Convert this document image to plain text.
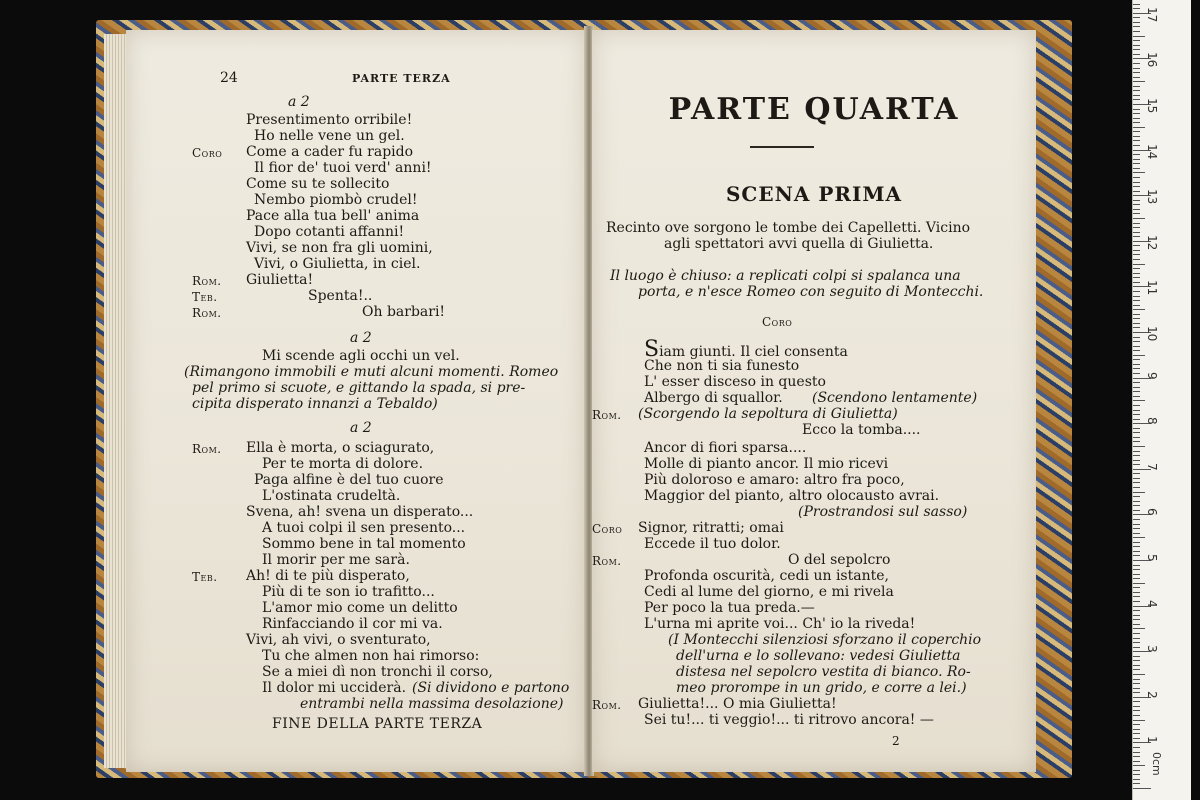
24	PARTE TERZA
a 2
Presentimento orribile!
Ho nelle vene un gel.
Coro Come a cader fu rapido
Il fior de' tuoi verd' anni!
Come su te sollecito
Nembo piombò crudel!
Pace alla tua bell' anima
Dopo cotanti affanni!
Vivi, se non fra gli uomini,
Vivi, o Giulietta, in ciel.
Rom. Giulietta!
Teb.	Spenta!..
Rom.	Oh barbari!
a 2
Mi scende agli occhi un vel.
(Rimangono immobili e muti alcuni momenti. Romeo
pel primo si scuote, e gittando la spada, si pre-
cipita disperato innanzi a Tebaldo)
a 2
Rom. Ella è morta, o sciagurato,
Per te morta di dolore.
Paga alfine è del tuo cuore
L'ostinata crudeltà.
Svena, ah! svena un disperato...
A tuoi colpi il sen presento...
Sommo bene in tal momento
Il morir per me sarà.
Teb. Ah! di te più disperato,
Più di te son io trafitto...
L'amor mio come un delitto
Rinfacciando il cor mi va.
Vivi, ah vivi, o sventurato,
Tu che almen non hai rimorso:
Se a miei dì non tronchi il corso,
Il dolor mi ucciderà. (Si dividono e partono
entrambi nella massima desolazione)
FINE DELLA PARTE TERZA
PARTE QUARTA
SCENA PRIMA
Recinto ove sorgono le tombe dei Capelletti. Vicino
agli spettatori avvi quella di Giulietta.
Il luogo è chiuso: a replicati colpi si spalanca una
porta, e n'esce Romeo con seguito di Montecchi.
Coro
Siam giunti. Il ciel consenta
Che non ti sia funesto
L' esser disceso in questo
Albergo di squallor. (Scendono lentamente)
Rom. (Scorgendo la sepoltura di Giulietta)
Ecco la tomba....
Ancor di fiori sparsa....
Molle di pianto ancor. Il mio ricevi
Più doloroso e amaro: altro fra poco,
Maggior del pianto, altro olocausto avrai.
(Prostrandosi sul sasso)
Coro Signor, ritratti; omai
Eccede il tuo dolor.
Rom.	O del sepolcro
Profonda oscurità, cedi un istante,
Cedi al lume del giorno, e mi rivela
Per poco la tua preda.—
L'urna mi aprite voi... Ch' io la riveda!
(I Montecchi silenziosi sforzano il coperchio
dell'urna e lo sollevano: vedesi Giulietta
distesa nel sepolcro vestita di bianco. Ro-
meo prorompe in un grido, e corre a lei.)
Rom. Giulietta!... O mia Giulietta!
Sei tu!... ti veggio!... ti ritrovo ancora! —
2
0cm
1
2
3
4
5
6
7
8
9
10
11
12
13
14
15
16
17
